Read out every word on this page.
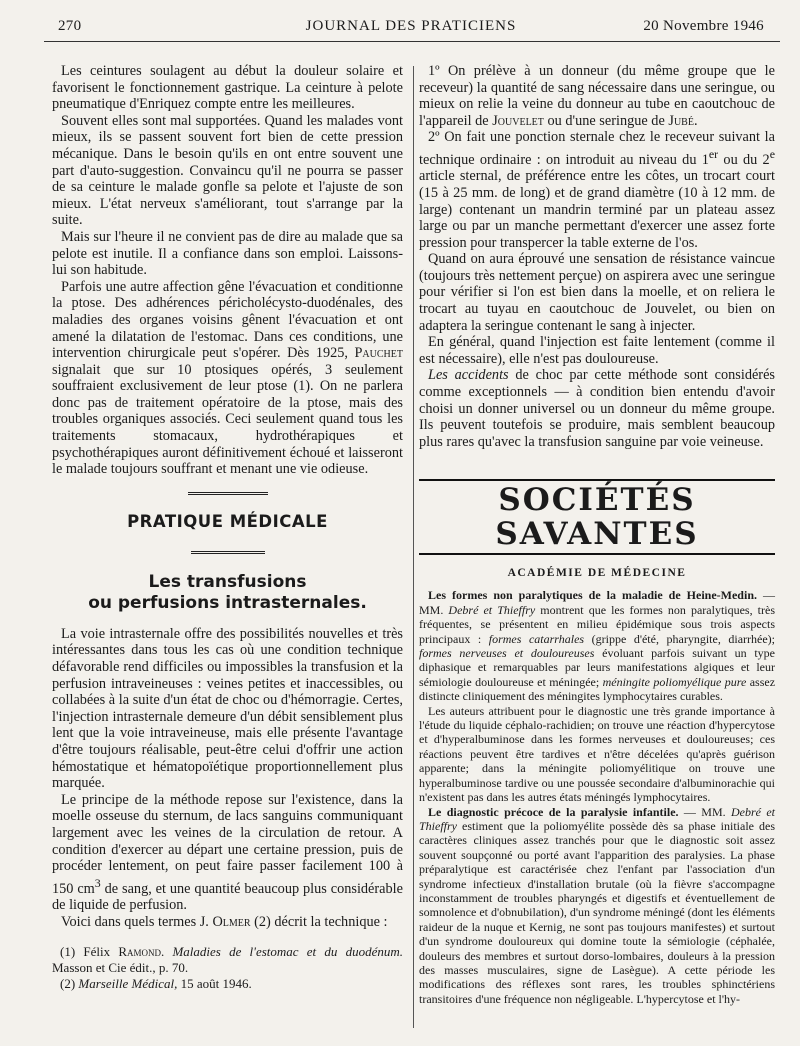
270	JOURNAL DES PRATICIENS	20 Novembre 1946

Les ceintures soulagent au début la douleur solaire et favorisent le fonctionnement gastrique. La ceinture à pelote pneumatique d'Enriquez compte entre les meilleures.

Souvent elles sont mal supportées. Quand les malades vont mieux, ils se passent souvent fort bien de cette pression mécanique. Dans le besoin qu'ils en ont entre souvent une part d'auto-suggestion. Convaincu qu'il ne pourra se passer de sa ceinture le malade gonfle sa pelote et l'ajuste de son mieux. L'état nerveux s'améliorant, tout s'arrange par la suite.

Mais sur l'heure il ne convient pas de dire au malade que sa pelote est inutile. Il a confiance dans son emploi. Laissons-lui son habitude.

Parfois une autre affection gêne l'évacuation et conditionne la ptose. Des adhérences péricholécysto-duodénales, des maladies des organes voisins gênent l'évacuation et ont amené la dilatation de l'estomac. Dans ces conditions, une intervention chirurgicale peut s'opérer. Dès 1925, Pauchet signalait que sur 10 ptosiques opérés, 3 seulement souffraient exclusivement de leur ptose (1). On ne parlera donc pas de traitement opératoire de la ptose, mais des troubles organiques associés. Ceci seulement quand tous les traitements stomacaux, hydrothérapiques et psychothérapiques auront définitivement échoué et laisseront le malade toujours souffrant et menant une vie odieuse.

PRATIQUE MÉDICALE
Les transfusions
ou perfusions intrasternales.

La voie intrasternale offre des possibilités nouvelles et très intéressantes dans tous les cas où une condition technique défavorable rend difficiles ou impossibles la transfusion et la perfusion intraveineuses : veines petites et inaccessibles, ou collabées à la suite d'un état de choc ou d'hémorragie. Certes, l'injection intrasternale demeure d'un débit sensiblement plus lent que la voie intraveineuse, mais elle présente l'avantage d'être toujours réalisable, peut-être celui d'offrir une action hémostatique et hématopoïétique proportionnellement plus marquée.

Le principe de la méthode repose sur l'existence, dans la moelle osseuse du sternum, de lacs sanguins communiquant largement avec les veines de la circulation de retour. A condition d'exercer au départ une certaine pression, puis de procéder lentement, on peut faire passer facilement 100 à 150 $cm^3$ de sang, et une quantité beaucoup plus considérable de liquide de perfusion.

Voici dans quels termes J. Olmer (2) décrit la technique :

(1) Félix Ramond. Maladies de l'estomac et du duodénum. Masson et Cie édit., p. 70.

(2) Marseille Médical, 15 août 1946.

1º On prélève à un donneur (du même groupe que le receveur) la quantité de sang nécessaire dans une seringue, ou mieux on relie la veine du donneur au tube en caoutchouc de l'appareil de Jouvelet ou d'une seringue de Jubé.

2º On fait une ponction sternale chez le receveur suivant la technique ordinaire : on introduit au niveau du 1er ou du 2e article sternal, de préférence entre les côtes, un trocart court (15 à 25 mm. de long) et de grand diamètre (10 à 12 mm. de large) contenant un mandrin terminé par un plateau assez large ou par un manche permettant d'exercer une assez forte pression pour transpercer la table externe de l'os.

Quand on aura éprouvé une sensation de résistance vaincue (toujours très nettement perçue) on aspirera avec une seringue pour vérifier si l'on est bien dans la moelle, et on reliera le trocart au tuyau en caoutchouc de Jouvelet, ou bien on adaptera la seringue contenant le sang à injecter.

En général, quand l'injection est faite lentement (comme il est nécessaire), elle n'est pas douloureuse.

Les accidents de choc par cette méthode sont considérés comme exceptionnels — à condition bien entendu d'avoir choisi un donner universel ou un donneur du même groupe. Ils peuvent toutefois se produire, mais semblent beaucoup plus rares qu'avec la transfusion sanguine par voie veineuse.

SOCIÉTÉS SAVANTES
ACADÉMIE DE MÉDECINE

Les formes non paralytiques de la maladie de Heine-Medin. — MM. Debré et Thieffry montrent que les formes non paralytiques, très fréquentes, se présentent en milieu épidémique sous trois aspects principaux : formes catarrhales (grippe d'été, pharyngite, diarrhée); formes nerveuses et douloureuses évoluant parfois suivant un type diphasique et remarquables par leurs manifestations algiques et leur sémiologie douloureuse et méningée; méningite poliomyélique pure assez distincte cliniquement des méningites lymphocytaires curables.

Les auteurs attribuent pour le diagnostic une très grande importance à l'étude du liquide céphalo-rachidien; on trouve une réaction d'hypercytose et d'hyperalbuminose dans les formes nerveuses et douloureuses; ces réactions peuvent être tardives et n'être décelées qu'après guérison apparente; dans la méningite poliomyélitique on trouve une hyperalbuminose tardive ou une poussée secondaire d'albuminorachie qui n'existent pas dans les autres états méningés lymphocytaires.

Le diagnostic précoce de la paralysie infantile. — MM. Debré et Thieffry estiment que la poliomyélite possède dès sa phase initiale des caractères cliniques assez tranchés pour que le diagnostic soit assez souvent soupçonné ou porté avant l'apparition des paralysies. La phase préparalytique est caractérisée chez l'enfant par l'association d'un syndrome infectieux d'installation brutale (où la fièvre s'accompagne inconstamment de troubles pharyngés et digestifs et éventuellement de somnolence et d'obnubilation), d'un syndrome méningé (dont les éléments raideur de la nuque et Kernig, ne sont pas toujours manifestes) et surtout d'un syndrome douloureux qui domine toute la sémiologie (céphalée, douleurs des membres et surtout dorso-lombaires, douleurs à la pression des masses musculaires, signe de Lasègue). A cette période les modifications des réflexes sont rares, les troubles sphinctériens transitoires d'une fréquence non négligeable. L'hypercytose et l'hy-
